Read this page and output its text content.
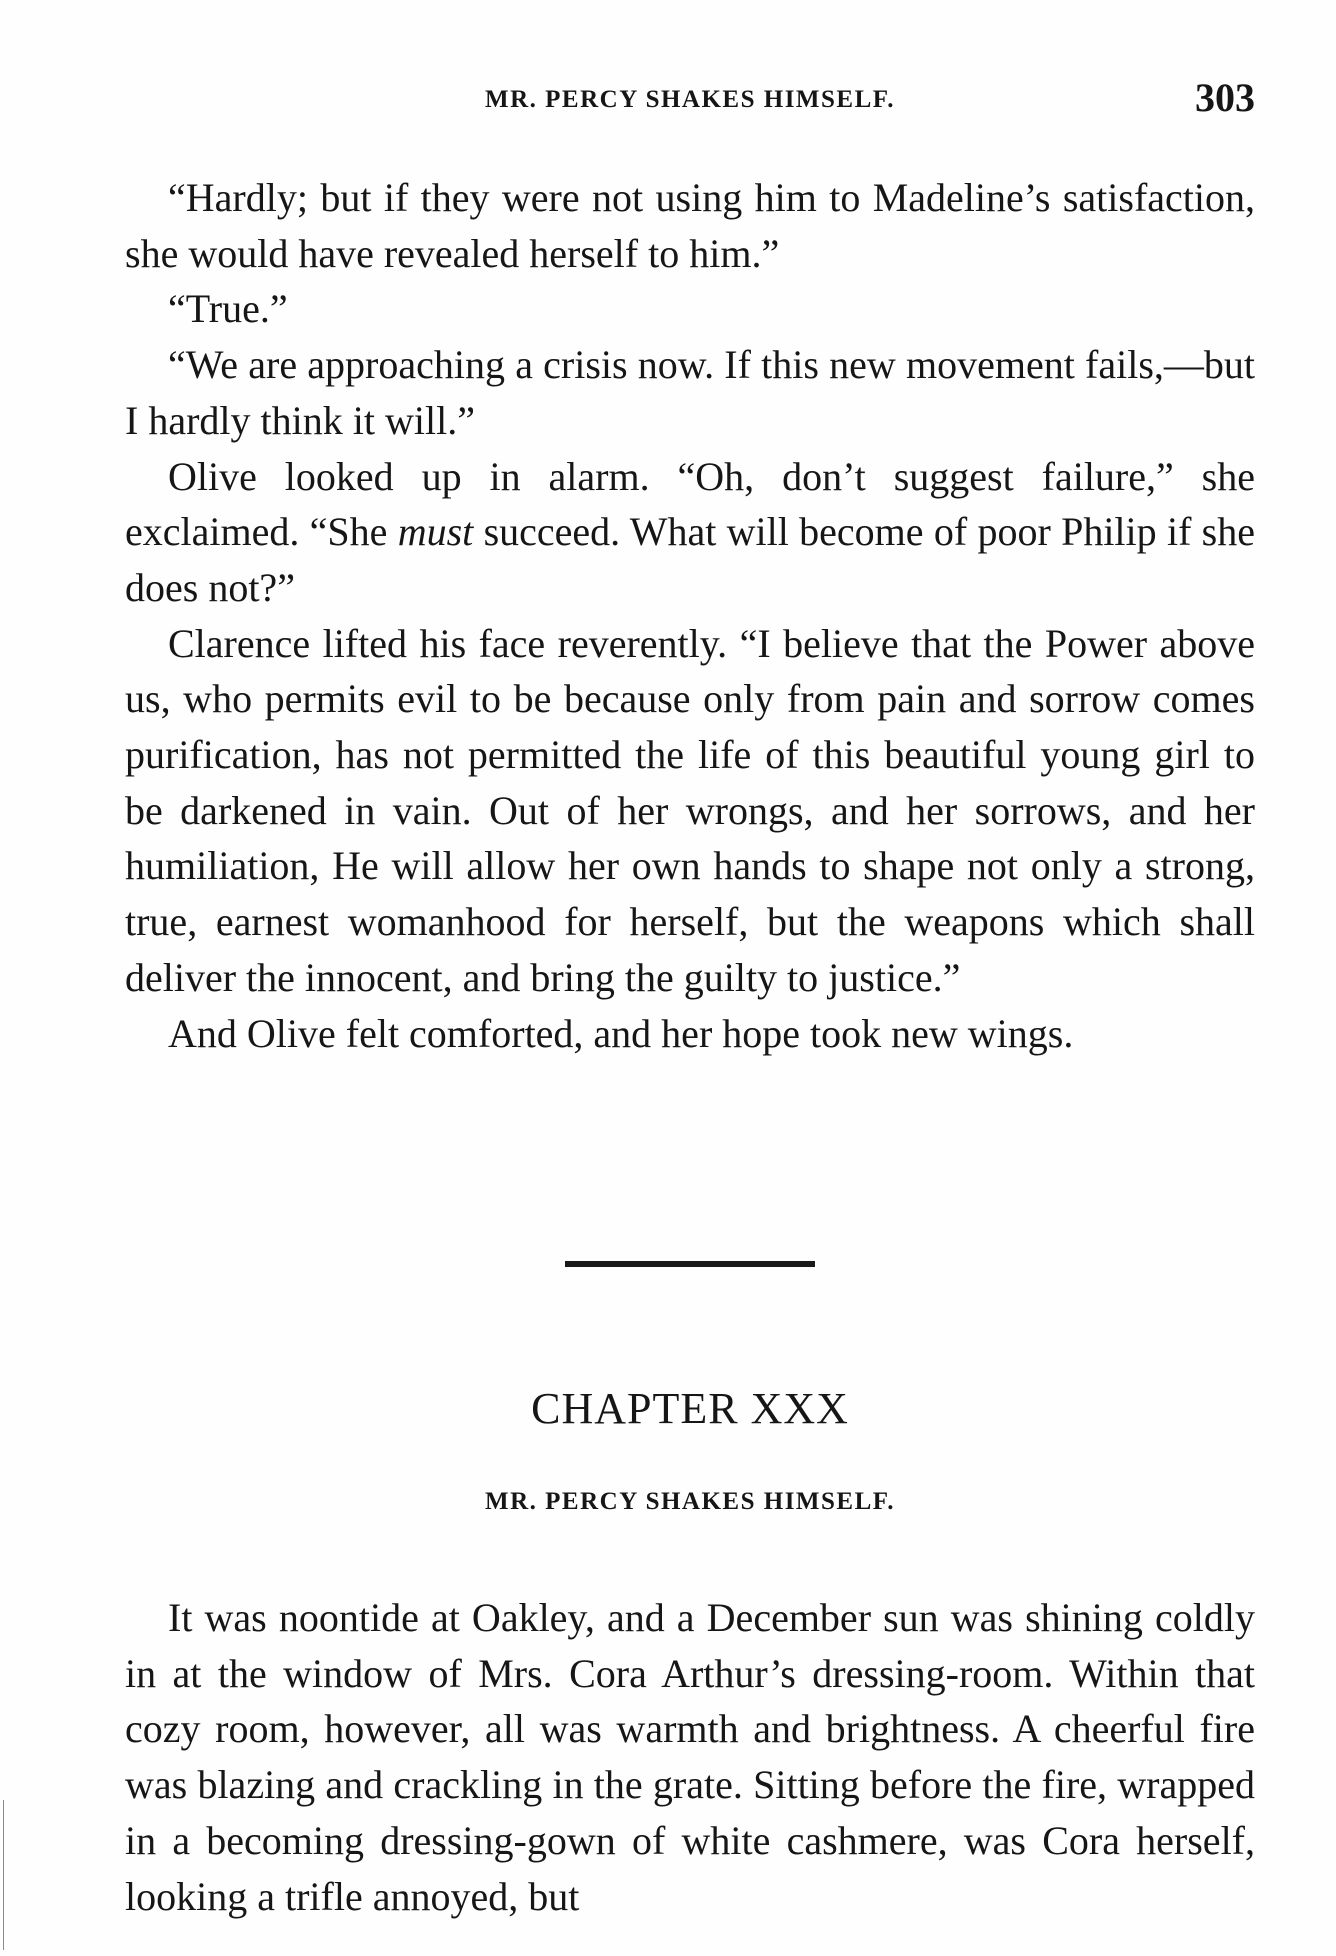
MR. PERCY SHAKES HIMSELF.	303

“Hardly; but if they were not using him to Madeline’s satisfaction, she would have revealed herself to him.”

“True.”

“We are approaching a crisis now. If this new movement fails,—but I hardly think it will.”

Olive looked up in alarm. “Oh, don’t suggest failure,” she exclaimed. “She must succeed. What will become of poor Philip if she does not?”

Clarence lifted his face reverently. “I believe that the Power above us, who permits evil to be because only from pain and sorrow comes purification, has not permitted the life of this beautiful young girl to be darkened in vain. Out of her wrongs, and her sorrows, and her humiliation, He will allow her own hands to shape not only a strong, true, earnest womanhood for herself, but the weapons which shall deliver the innocent, and bring the guilty to justice.”

And Olive felt comforted, and her hope took new wings.

CHAPTER XXX
MR. PERCY SHAKES HIMSELF.

It was noontide at Oakley, and a December sun was shining coldly in at the window of Mrs. Cora Arthur’s dressing-room. Within that cozy room, however, all was warmth and brightness. A cheerful fire was blazing and crackling in the grate. Sitting before the fire, wrapped in a becoming dressing-gown of white cashmere, was Cora herself, looking a trifle annoyed, but
